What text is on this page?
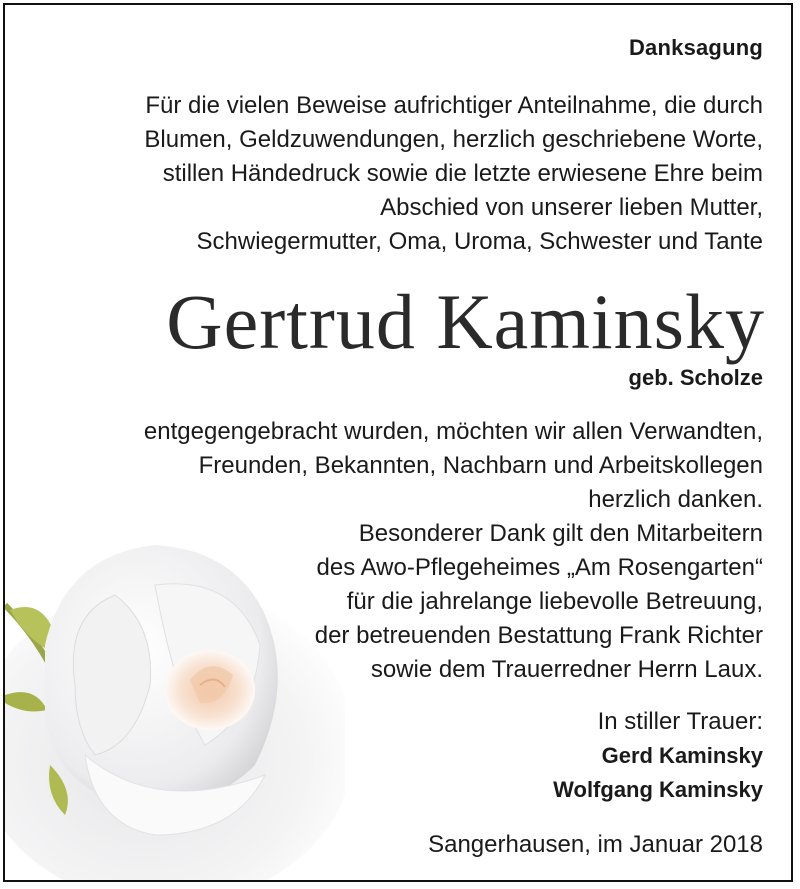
Danksagung
Für die vielen Beweise aufrichtiger Anteilnahme, die durch
Blumen, Geldzuwendungen, herzlich geschriebene Worte,
stillen Händedruck sowie die letzte erwiesene Ehre beim
Abschied von unserer lieben Mutter,
Schwiegermutter, Oma, Uroma, Schwester und Tante
Gertrud Kaminsky
geb. Scholze
entgegengebracht wurden, möchten wir allen Verwandten,
Freunden, Bekannten, Nachbarn und Arbeitskollegen
herzlich danken.
Besonderer Dank gilt den Mitarbeitern
des Awo-Pflegeheimes „Am Rosengarten“
für die jahrelange liebevolle Betreuung,
der betreuenden Bestattung Frank Richter
sowie dem Trauerredner Herrn Laux.
In stiller Trauer:
Gerd Kaminsky
Wolfgang Kaminsky
Sangerhausen, im Januar 2018
